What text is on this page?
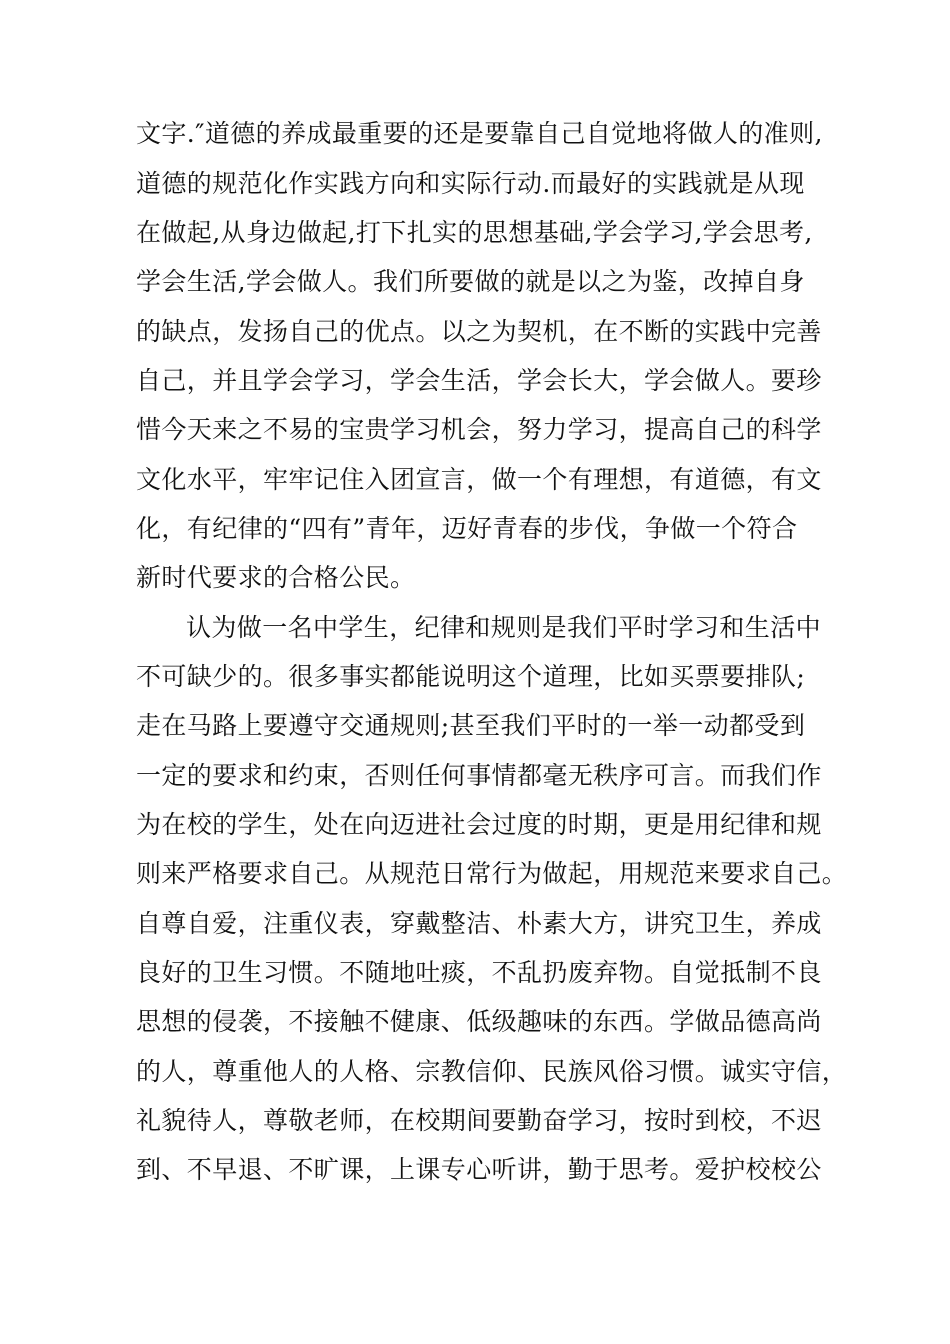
文字.″道德的养成最重要的还是要靠自己自觉地将做人的准则,
道德的规范化作实践方向和实际行动.而最好的实践就是从现
在做起,从身边做起,打下扎实的思想基础,学会学习,学会思考,
学会生活,学会做人。我们所要做的就是以之为鉴，改掉自身
的缺点，发扬自己的优点。以之为契机，在不断的实践中完善
自己，并且学会学习，学会生活，学会长大，学会做人。要珍
惜今天来之不易的宝贵学习机会，努力学习，提高自己的科学
文化水平，牢牢记住入团宣言，做一个有理想，有道德，有文
化，有纪律的“四有”青年，迈好青春的步伐，争做一个符合
新时代要求的合格公民。
认为做一名中学生，纪律和规则是我们平时学习和生活中
不可缺少的。很多事实都能说明这个道理，比如买票要排队;
走在马路上要遵守交通规则;甚至我们平时的一举一动都受到
一定的要求和约束，否则任何事情都毫无秩序可言。而我们作
为在校的学生，处在向迈进社会过度的时期，更是用纪律和规
则来严格要求自己。从规范日常行为做起，用规范来要求自己。
自尊自爱，注重仪表，穿戴整洁、朴素大方，讲究卫生，养成
良好的卫生习惯。不随地吐痰，不乱扔废弃物。自觉抵制不良
思想的侵袭，不接触不健康、低级趣味的东西。学做品德高尚
的人，尊重他人的人格、宗教信仰、民族风俗习惯。诚实守信，
礼貌待人，尊敬老师，在校期间要勤奋学习，按时到校，不迟
到、不早退、不旷课，上课专心听讲，勤于思考。爱护校校公
